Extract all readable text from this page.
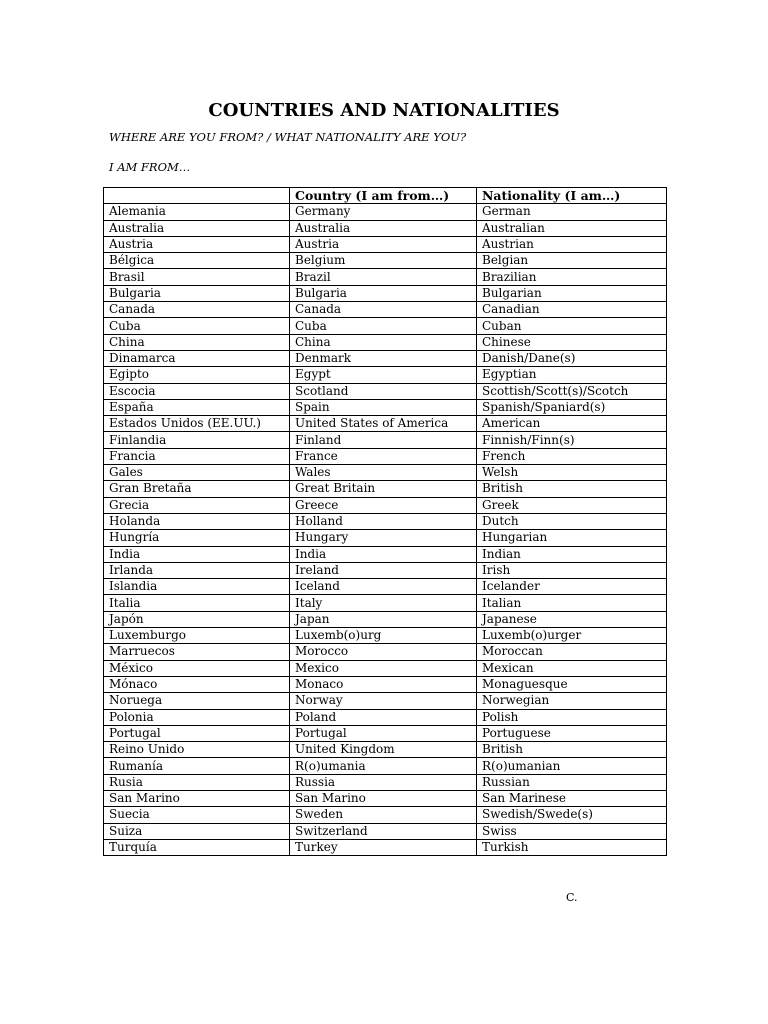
COUNTRIES AND NATIONALITIES
WHERE ARE YOU FROM? / WHAT NATIONALITY ARE YOU?
I AM FROM…
	Country (I am from…)	Nationality (I am…)
Alemania	Germany	German
Australia	Australia	Australian
Austria	Austria	Austrian
Bélgica	Belgium	Belgian
Brasil	Brazil	Brazilian
Bulgaria	Bulgaria	Bulgarian
Canada	Canada	Canadian
Cuba	Cuba	Cuban
China	China	Chinese
Dinamarca	Denmark	Danish/Dane(s)
Egipto	Egypt	Egyptian
Escocia	Scotland	Scottish/Scott(s)/Scotch
España	Spain	Spanish/Spaniard(s)
Estados Unidos (EE.UU.)	United States of America	American
Finlandia	Finland	Finnish/Finn(s)
Francia	France	French
Gales	Wales	Welsh
Gran Bretaña	Great Britain	British
Grecia	Greece	Greek
Holanda	Holland	Dutch
Hungría	Hungary	Hungarian
India	India	Indian
Irlanda	Ireland	Irish
Islandia	Iceland	Icelander
Italia	Italy	Italian
Japón	Japan	Japanese
Luxemburgo	Luxemb(o)urg	Luxemb(o)urger
Marruecos	Morocco	Moroccan
México	Mexico	Mexican
Mónaco	Monaco	Monaguesque
Noruega	Norway	Norwegian
Polonia	Poland	Polish
Portugal	Portugal	Portuguese
Reino Unido	United Kingdom	British
Rumanía	R(o)umania	R(o)umanian
Rusia	Russia	Russian
San Marino	San Marino	San Marinese
Suecia	Sweden	Swedish/Swede(s)
Suiza	Switzerland	Swiss
Turquía	Turkey	Turkish
C.
